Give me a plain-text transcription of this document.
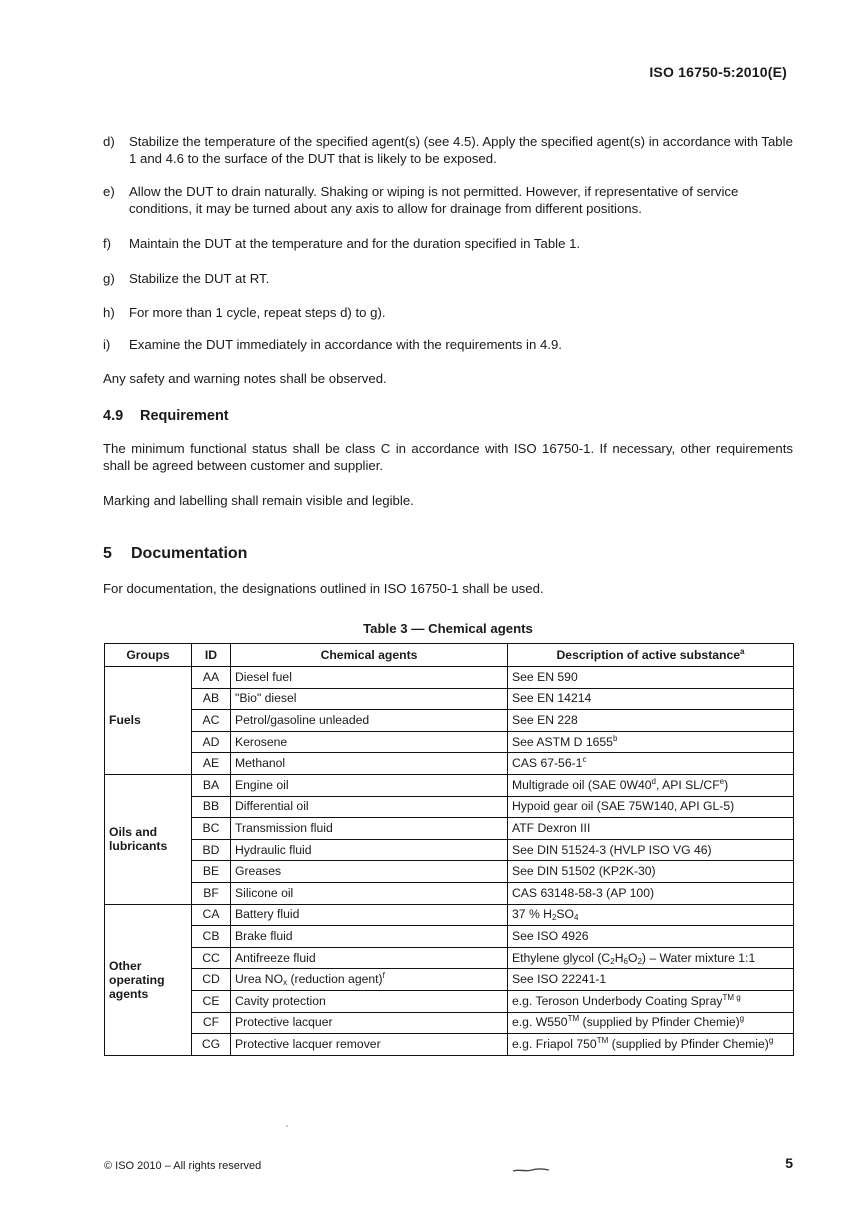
ISO 16750-5:2010(E)
d)	Stabilize the temperature of the specified agent(s) (see 4.5). Apply the specified agent(s) in accordance with Table 1 and 4.6 to the surface of the DUT that is likely to be exposed.
e)	Allow the DUT to drain naturally. Shaking or wiping is not permitted. However, if representative of service conditions, it may be turned about any axis to allow for drainage from different positions.
f)	Maintain the DUT at the temperature and for the duration specified in Table 1.
g)	Stabilize the DUT at RT.
h)	For more than 1 cycle, repeat steps d) to g).
i)	Examine the DUT immediately in accordance with the requirements in 4.9.
Any safety and warning notes shall be observed.
4.9 Requirement
The minimum functional status shall be class C in accordance with ISO 16750-1. If necessary, other requirements shall be agreed between customer and supplier.
Marking and labelling shall remain visible and legible.
5 Documentation
For documentation, the designations outlined in ISO 16750-1 shall be used.
Table 3 — Chemical agents
Groups	ID	Chemical agents	Description of active substance$^a$
Fuels	AA	Diesel fuel	See EN 590
	AB	"Bio" diesel	See EN 14214
	AC	Petrol/gasoline unleaded	See EN 228
	AD	Kerosene	See ASTM D 1655$^b$
	AE	Methanol	CAS 67-56-1$^c$
Oils and lubricants	BA	Engine oil	Multigrade oil (SAE 0W40$^d$, API $SL/CF^e$)
	BB	Differential oil	Hypoid gear oil (SAE 75W140, API GL-5)
	BC	Transmission fluid	ATF Dexron III
	BD	Hydraulic fluid	See DIN 51524-3 (HVLP ISO VG 46)
	BE	Greases	See DIN 51502 (KP2K-30)
	BF	Silicone oil	CAS 63148-58-3 (AP 100)
Other operating agents	CA	Battery fluid	37 % $H_2SO_4$
	CB	Brake fluid	See ISO 4926
	CC	Antifreeze fluid	Ethylene glycol $(C_2H_6O_2)$ – Water mixture 1:1
	CD	Urea $NO_x$ (reduction agent)$^f$	See ISO 22241-1
	CE	Cavity protection	e.g. Teroson Underbody Coating Spray$^{TM g}$
	CF	Protective lacquer	e.g. W550™ (supplied by Pfinder Chemie)$^g$
	CG	Protective lacquer remover	e.g. Friapol 750™ (supplied by Pfinder Chemie)$^g$
© ISO 2010 – All rights reserved	5
